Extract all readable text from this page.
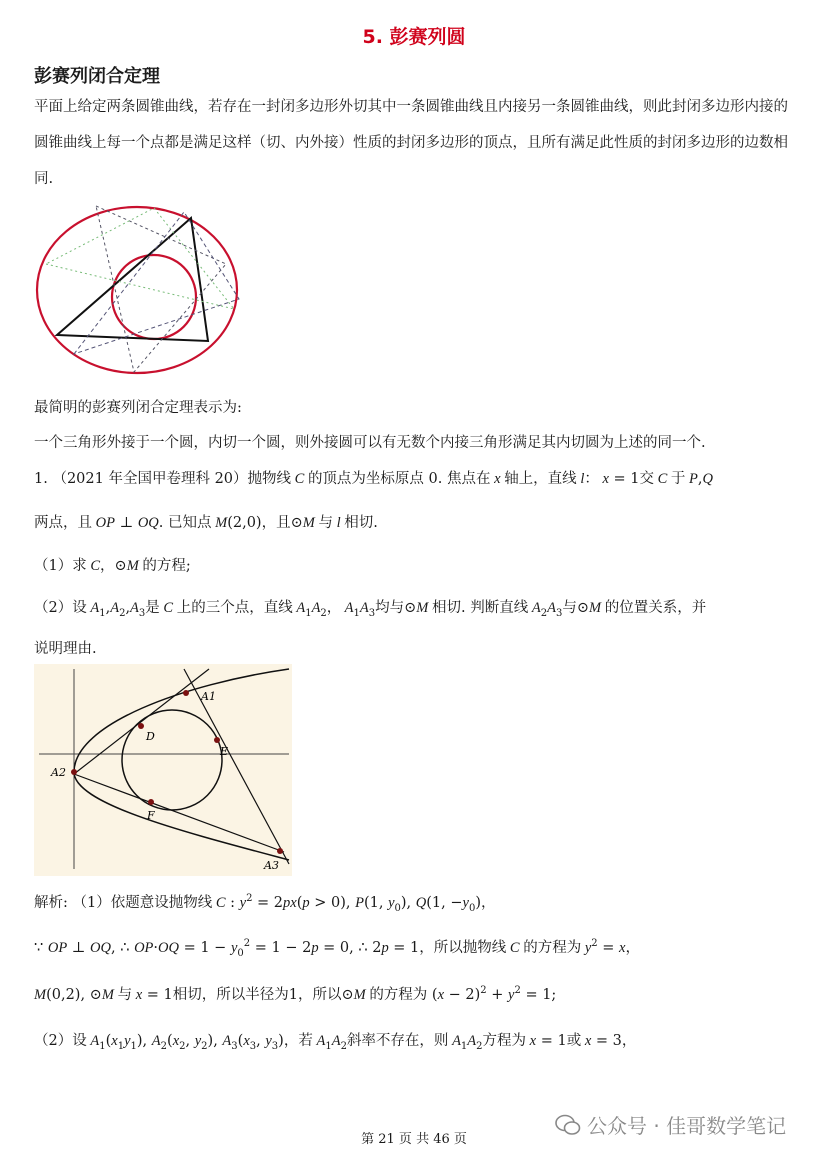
5. 彭赛列圆
彭赛列闭合定理
平面上给定两条圆锥曲线，若存在一封闭多边形外切其中一条圆锥曲线且内接另一条圆锥曲线，则此封闭多边形内接的圆锥曲线上每一个点都是满足这样（切、内外接）性质的封闭多边形的顶点，且所有满足此性质的封闭多边形的边数相同.
最简明的彭赛列闭合定理表示为:
一个三角形外接于一个圆，内切一个圆，则外接圆可以有无数个内接三角形满足其内切圆为上述的同一个.
1. （2021 年全国甲卷理科 20）抛物线 C 的顶点为坐标原点 0. 焦点在 x 轴上，直线 l： x = 1交 C 于 P,Q
两点，且 OP ⊥ OQ. 已知点 M(2,0)，且⊙M 与 l 相切.
（1）求 C，⊙M 的方程;
（2）设 $A_1,A_2,A_3$是 C 上的三个点，直线 $A_1A_2$， $A_1A_3$均与⊙M 相切. 判断直线 $A_2A_3$与⊙M 的位置关系，并
说明理由.
A1
A2
A3
D
E
F
解析: （1）依题意设抛物线 C : $y^2 = 2px(p > 0)$, P(1, $y_0$), Q(1, $-y_0$)，
∵ OP ⊥ OQ, ∴ $OP\cdot OQ = 1 - y_0^2 = 1 - 2p = 0$, ∴ 2p = 1，所以抛物线 C 的方程为 $y^2 = x$，
M(0,2), ⊙M 与 x = 1相切，所以半径为1，所以⊙M 的方程为 $(x - 2)^2 + y^2 = 1$;
（2）设 $A_1(x_1y_1)$, $A_2(x_2$, $y_2$), $A_3(x_3$, $y_3$)，若 $A_1A_2$斜率不存在，则 $A_1A_2$方程为 x = 1或 x = 3，
第 21 页 共 46 页
公众号 · 佳哥数学笔记
